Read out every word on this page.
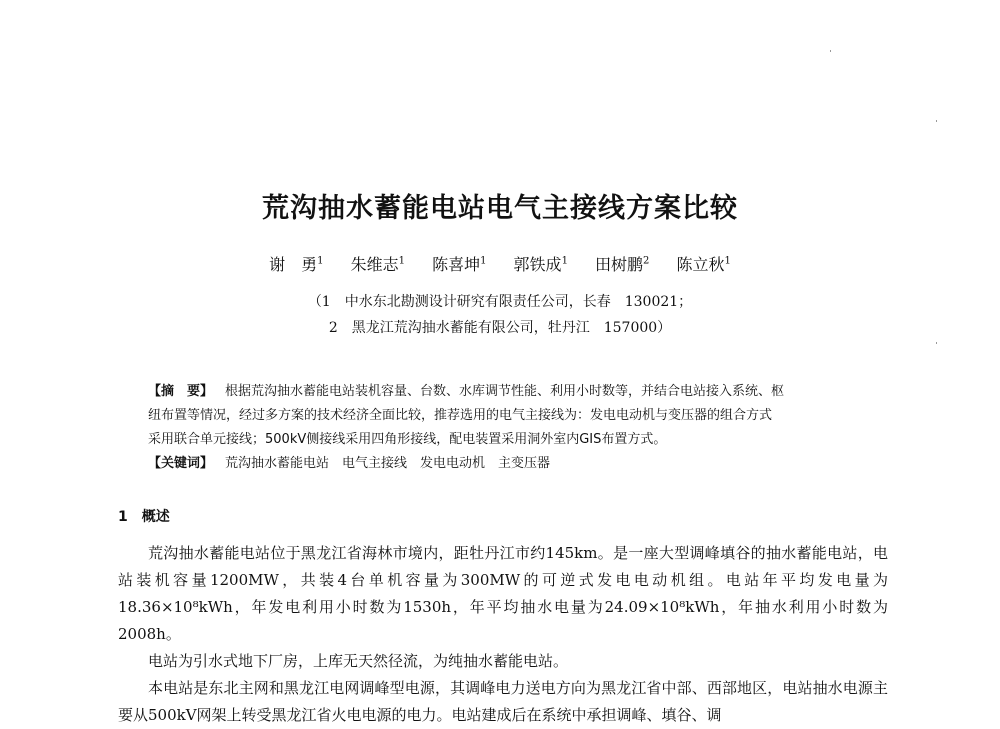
荒沟抽水蓄能电站电气主接线方案比较
谢　勇$^1$ 朱维志$^1$ 陈喜坤$^1$ 郭铁成$^1$ 田树鹏$^2$ 陈立秋$^1$
（1　中水东北勘测设计研究有限责任公司，长春　130021；
2　黑龙江荒沟抽水蓄能有限公司，牡丹江　157000）

【摘　要】 根据荒沟抽水蓄能电站装机容量、台数、水库调节性能、利用小时数等，并结合电站接入系统、枢

纽布置等情况，经过多方案的技术经济全面比较，推荐选用的电气主接线为：发电电动机与变压器的组合方式

采用联合单元接线；500kV侧接线采用四角形接线，配电装置采用洞外室内GIS布置方式。

【关键词】 荒沟抽水蓄能电站　电气主接线　发电电动机　主变压器

1 概述

荒沟抽水蓄能电站位于黑龙江省海林市境内，距牡丹江市约145km。是一座大型调峰填谷的抽水蓄能电站，电站装机容量1200MW，共装4台单机容量为300MW的可逆式发电电动机组。电站年平均发电量为18.36×10⁸kWh，年发电利用小时数为1530h，年平均抽水电量为24.09×10⁸kWh，年抽水利用小时数为2008h。

电站为引水式地下厂房，上库无天然径流，为纯抽水蓄能电站。

本电站是东北主网和黑龙江电网调峰型电源，其调峰电力送电方向为黑龙江省中部、西部地区，电站抽水电源主要从500kV网架上转受黑龙江省火电电源的电力。电站建成后在系统中承担调峰、填谷、调
